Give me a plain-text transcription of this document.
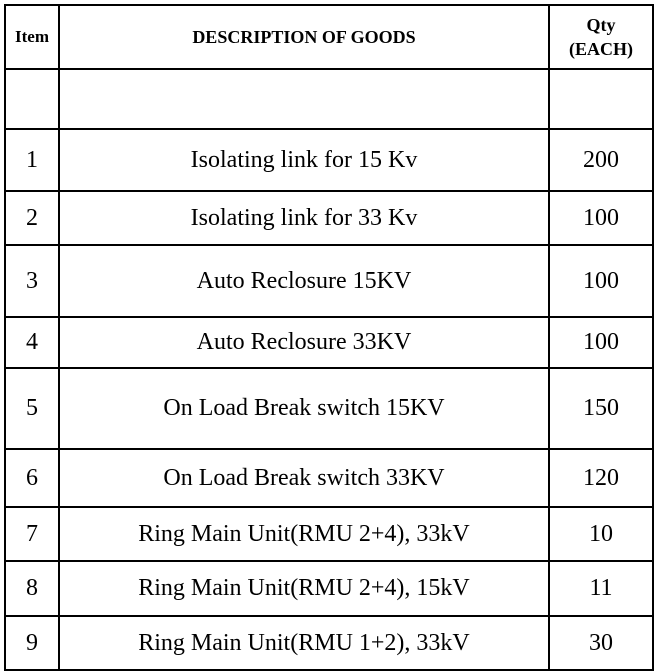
Item	DESCRIPTION OF GOODS	Qty
(EACH)

1	Isolating link for 15 Kv	200
2	Isolating link for 33 Kv	100
3	Auto Reclosure 15KV	100
4	Auto Reclosure 33KV	100
5	On Load Break switch 15KV	150
6	On Load Break switch 33KV	120
7	Ring Main Unit(RMU 2+4), 33kV	10
8	Ring Main Unit(RMU 2+4), 15kV	11
9	Ring Main Unit(RMU 1+2), 33kV	30
